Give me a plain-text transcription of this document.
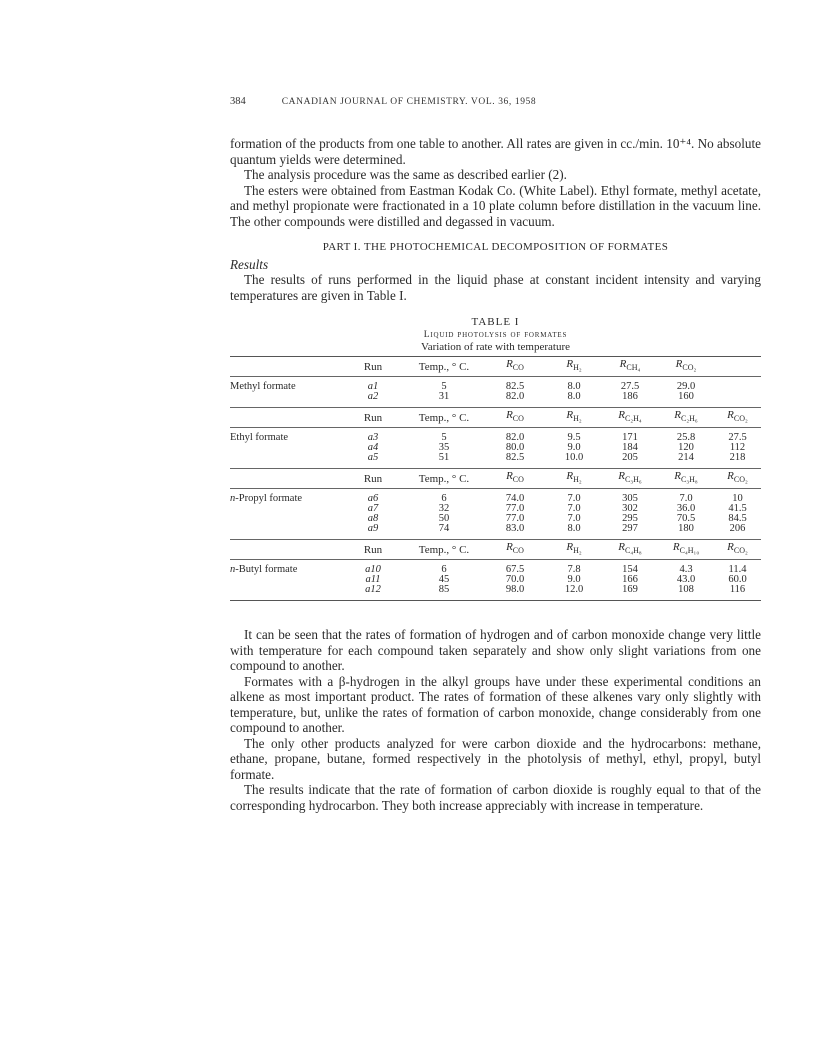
384	CANADIAN JOURNAL OF CHEMISTRY. VOL. 36, 1958

formation of the products from one table to another. All rates are given in cc./min. 10⁺⁴. No absolute quantum yields were determined.

The analysis procedure was the same as described earlier (2).

The esters were obtained from Eastman Kodak Co. (White Label). Ethyl formate, methyl acetate, and methyl propionate were fractionated in a 10 plate column before distillation in the vacuum line. The other compounds were distilled and degassed in vacuum.

PART I. THE PHOTOCHEMICAL DECOMPOSITION OF FORMATES
Results

The results of runs performed in the liquid phase at constant incident intensity and varying temperatures are given in Table I.

TABLE I
Liquid photolysis of formates
Variation of rate with temperature
	Run	Temp., ° C.	$R_{CO}$	$R_{H_2}$	$R_{CH_4}$	$R_{CO_2}$	

Methyl formate	a1	5	82.5	8.0	27.5	29.0	
	a2	31	82.0	8.0	186	160	

	Run	Temp., ° C.	$R_{CO}$	$R_{H_2}$	$R_{C_2H_4}$	$R_{C_2H_6}$	$R_{CO_2}$

Ethyl formate	a3	5	82.0	9.5	171	25.8	27.5
	a4	35	80.0	9.0	184	120	112
	a5	51	82.5	10.0	205	214	218

	Run	Temp., ° C.	$R_{CO}$	$R_{H_2}$	$R_{C_3H_6}$	$R_{C_3H_8}$	$R_{CO_2}$

n-Propyl formate	a6	6	74.0	7.0	305	7.0	10
	a7	32	77.0	7.0	302	36.0	41.5
	a8	50	77.0	7.0	295	70.5	84.5
	a9	74	83.0	8.0	297	180	206

	Run	Temp., ° C.	$R_{CO}$	$R_{H_2}$	$R_{C_4H_8}$	$R_{C_4H_{10}}$	$R_{CO_2}$

n-Butyl formate	a10	6	67.5	7.8	154	4.3	11.4
	a11	45	70.0	9.0	166	43.0	60.0
	a12	85	98.0	12.0	169	108	116

It can be seen that the rates of formation of hydrogen and of carbon monoxide change very little with temperature for each compound taken separately and show only slight variations from one compound to another.

Formates with a β-hydrogen in the alkyl groups have under these experimental conditions an alkene as most important product. The rates of formation of these alkenes vary only slightly with temperature, but, unlike the rates of formation of carbon monoxide, change considerably from one compound to another.

The only other products analyzed for were carbon dioxide and the hydrocarbons: methane, ethane, propane, butane, formed respectively in the photolysis of methyl, ethyl, propyl, butyl formate.

The results indicate that the rate of formation of carbon dioxide is roughly equal to that of the corresponding hydrocarbon. They both increase appreciably with increase in temperature.
